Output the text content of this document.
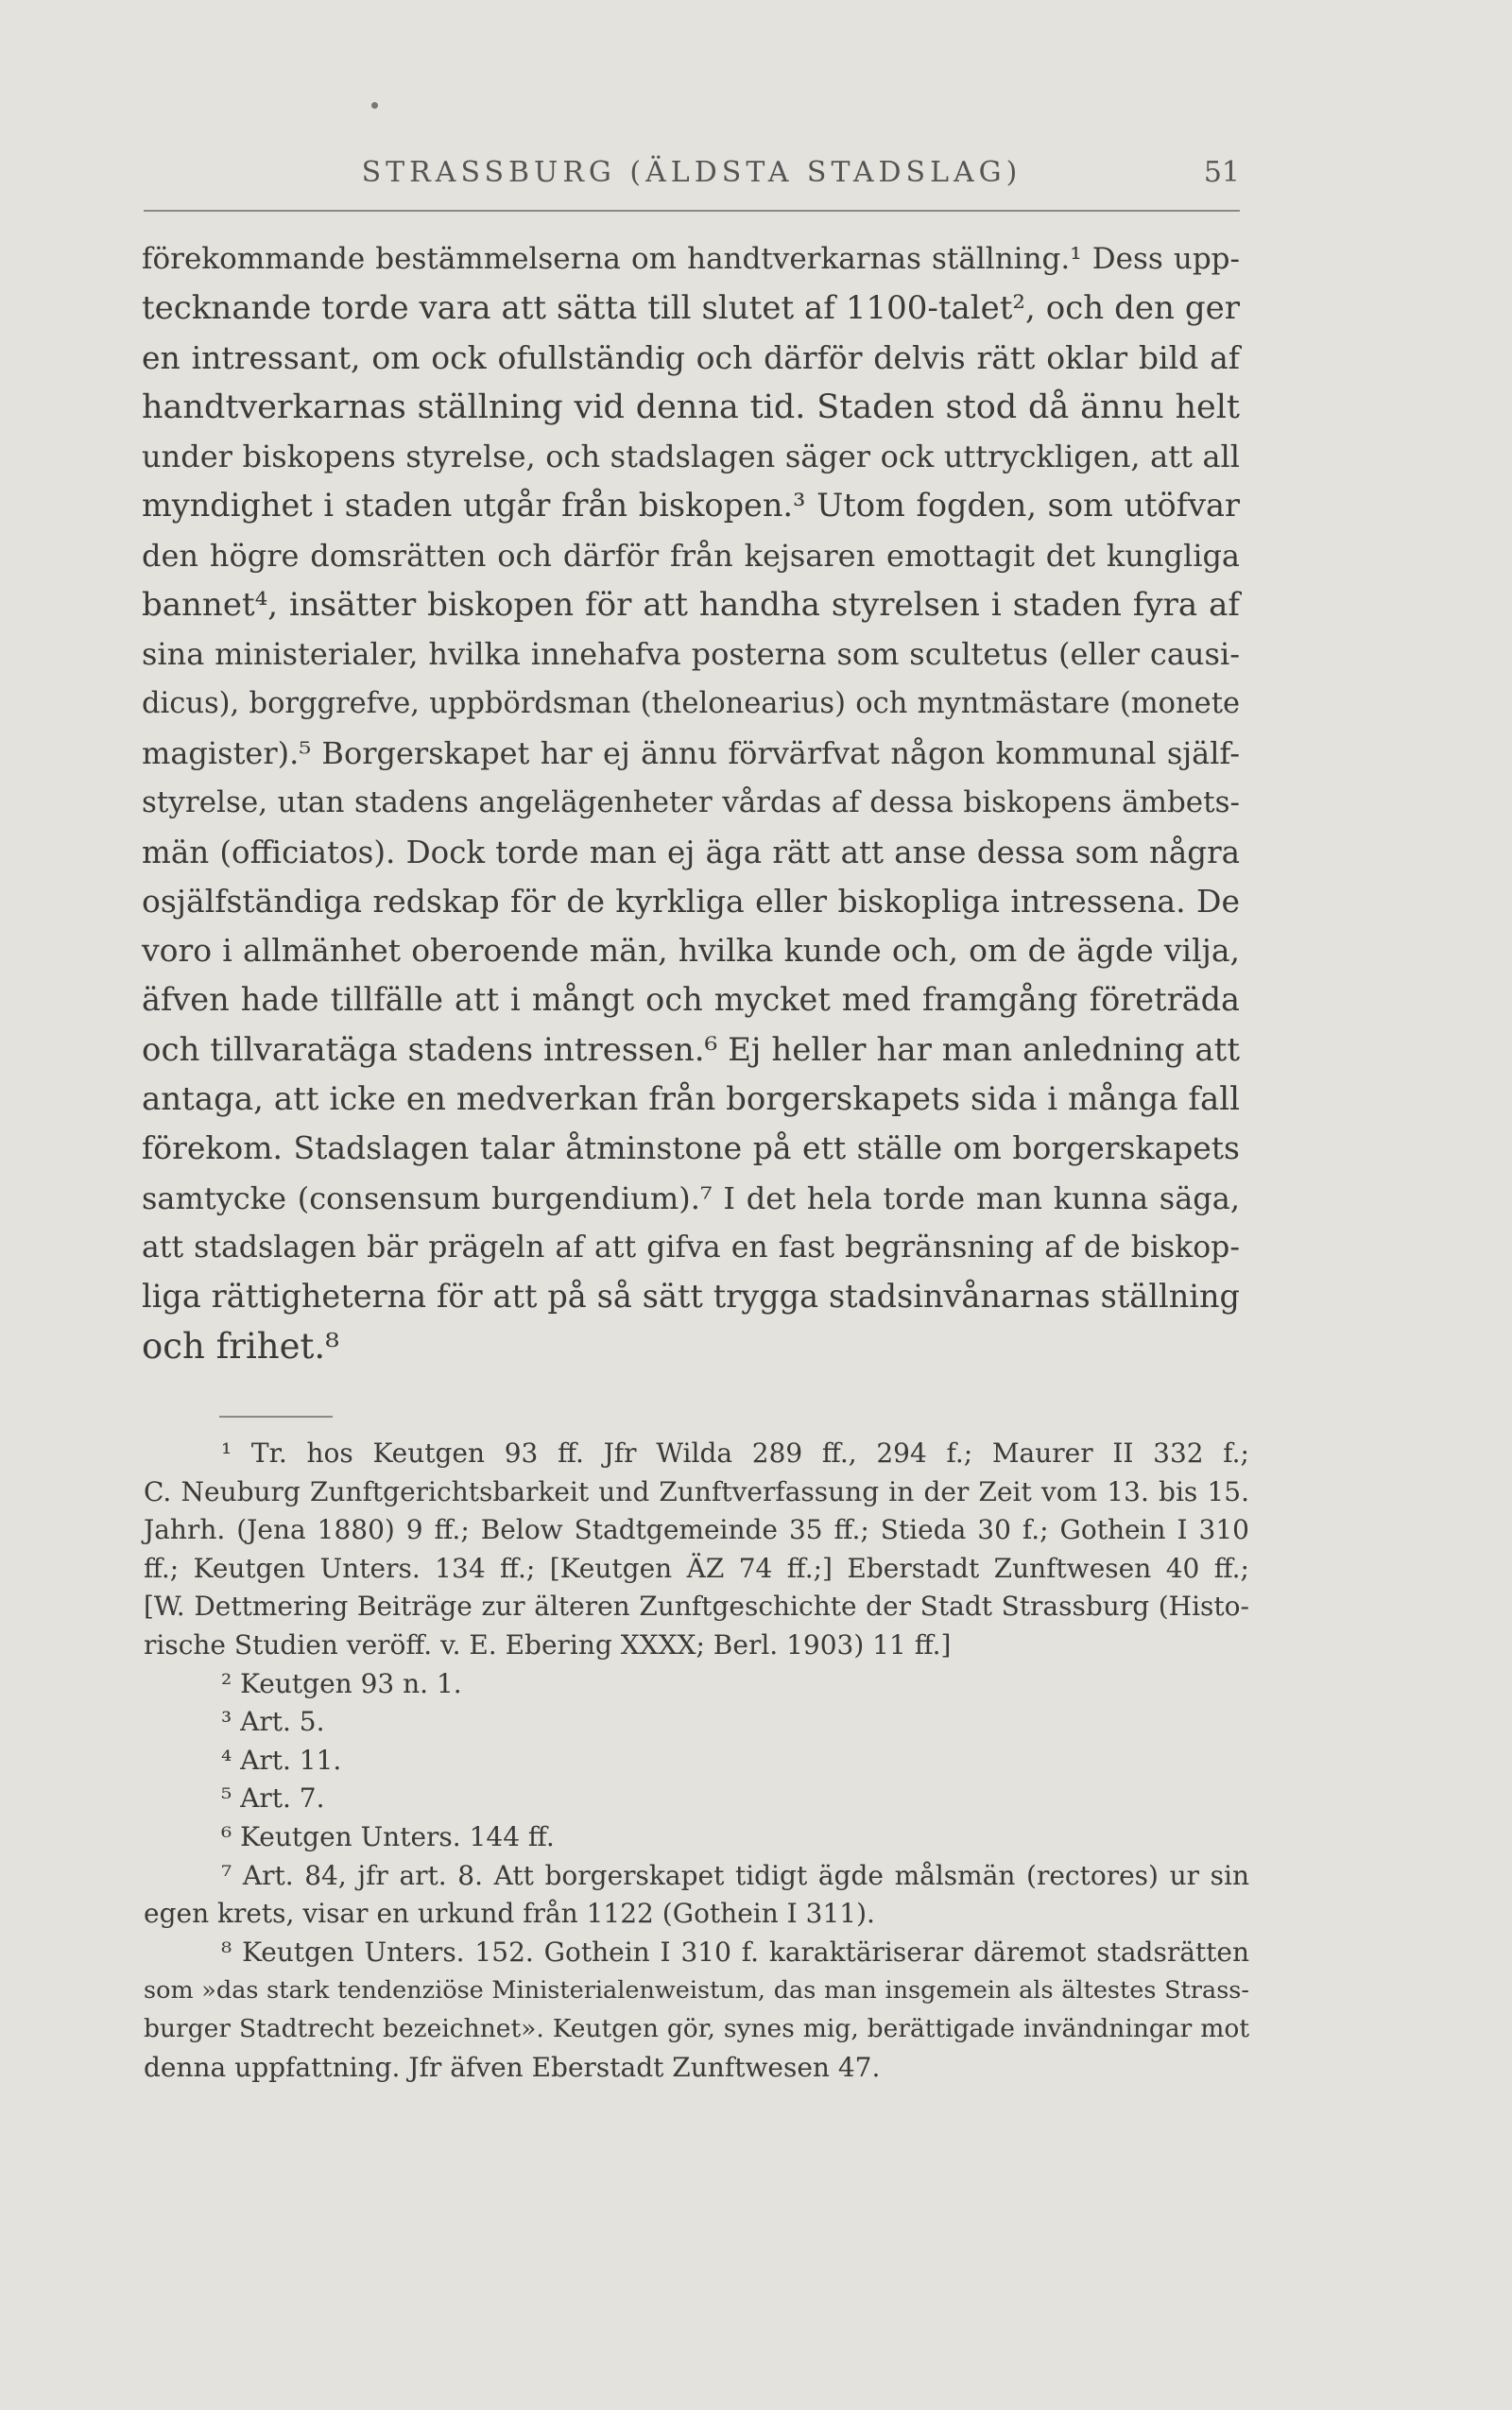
STRASSBURG (ÄLDSTA STADSLAG)	51
förekommande bestämmelserna om handtverkarnas ställning.¹ Dess upp-
tecknande torde vara att sätta till slutet af 1100-talet², och den ger
en intressant, om ock ofullständig och därför delvis rätt oklar bild af
handtverkarnas ställning vid denna tid. Staden stod då ännu helt
under biskopens styrelse, och stadslagen säger ock uttryckligen, att all
myndighet i staden utgår från biskopen.³ Utom fogden, som utöfvar
den högre domsrätten och därför från kejsaren emottagit det kungliga
bannet⁴, insätter biskopen för att handha styrelsen i staden fyra af
sina ministerialer, hvilka innehafva posterna som scultetus (eller causi-
dicus), borggrefve, uppbördsman (thelonearius) och myntmästare (monete
magister).⁵ Borgerskapet har ej ännu förvärfvat någon kommunal själf-
styrelse, utan stadens angelägenheter vårdas af dessa biskopens ämbets-
män (officiatos). Dock torde man ej äga rätt att anse dessa som några
osjälfständiga redskap för de kyrkliga eller biskopliga intressena. De
voro i allmänhet oberoende män, hvilka kunde och, om de ägde vilja,
äfven hade tillfälle att i mångt och mycket med framgång företräda
och tillvaratäga stadens intressen.⁶ Ej heller har man anledning att
antaga, att icke en medverkan från borgerskapets sida i många fall
förekom. Stadslagen talar åtminstone på ett ställe om borgerskapets
samtycke (consensum burgendium).⁷ I det hela torde man kunna säga,
att stadslagen bär prägeln af att gifva en fast begränsning af de biskop-
liga rättigheterna för att på så sätt trygga stadsinvånarnas ställning
och frihet.⁸
¹ Tr. hos Keutgen 93 ff. Jfr Wilda 289 ff., 294 f.; Maurer II 332 f.;
C. Neuburg Zunftgerichtsbarkeit und Zunftverfassung in der Zeit vom 13. bis 15.
Jahrh. (Jena 1880) 9 ff.; Below Stadtgemeinde 35 ff.; Stieda 30 f.; Gothein I 310
ff.; Keutgen Unters. 134 ff.; [Keutgen ÄZ 74 ff.;] Eberstadt Zunftwesen 40 ff.;
[W. Dettmering Beiträge zur älteren Zunftgeschichte der Stadt Strassburg (Histo-
rische Studien veröff. v. E. Ebering XXXX; Berl. 1903) 11 ff.]
² Keutgen 93 n. 1.
³ Art. 5.
⁴ Art. 11.
⁵ Art. 7.
⁶ Keutgen Unters. 144 ff.
⁷ Art. 84, jfr art. 8. Att borgerskapet tidigt ägde målsmän (rectores) ur sin
egen krets, visar en urkund från 1122 (Gothein I 311).
⁸ Keutgen Unters. 152. Gothein I 310 f. karaktäriserar däremot stadsrätten
som »das stark tendenziöse Ministerialenweistum, das man insgemein als ältestes Strass-
burger Stadtrecht bezeichnet». Keutgen gör, synes mig, berättigade invändningar mot
denna uppfattning. Jfr äfven Eberstadt Zunftwesen 47.
